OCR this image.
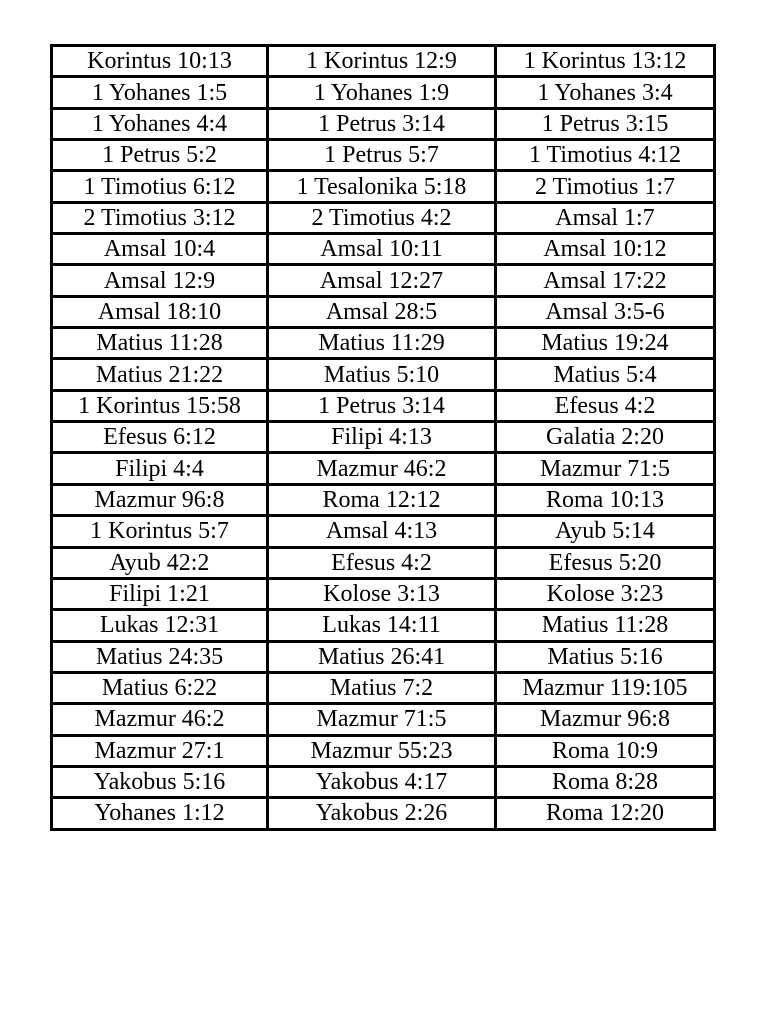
Korintus 10:13	1 Korintus 12:9	1 Korintus 13:12
1 Yohanes 1:5	1 Yohanes 1:9	1 Yohanes 3:4
1 Yohanes 4:4	1 Petrus 3:14	1 Petrus 3:15
1 Petrus 5:2	1 Petrus 5:7	1 Timotius 4:12
1 Timotius 6:12	1 Tesalonika 5:18	2 Timotius 1:7
2 Timotius 3:12	2 Timotius 4:2	Amsal 1:7
Amsal 10:4	Amsal 10:11	Amsal 10:12
Amsal 12:9	Amsal 12:27	Amsal 17:22
Amsal 18:10	Amsal 28:5	Amsal 3:5-6
Matius 11:28	Matius 11:29	Matius 19:24
Matius 21:22	Matius 5:10	Matius 5:4
1 Korintus 15:58	1 Petrus 3:14	Efesus 4:2
Efesus 6:12	Filipi 4:13	Galatia 2:20
Filipi 4:4	Mazmur 46:2	Mazmur 71:5
Mazmur 96:8	Roma 12:12	Roma 10:13
1 Korintus 5:7	Amsal 4:13	Ayub 5:14
Ayub 42:2	Efesus 4:2	Efesus 5:20
Filipi 1:21	Kolose 3:13	Kolose 3:23
Lukas 12:31	Lukas 14:11	Matius 11:28
Matius 24:35	Matius 26:41	Matius 5:16
Matius 6:22	Matius 7:2	Mazmur 119:105
Mazmur 46:2	Mazmur 71:5	Mazmur 96:8
Mazmur 27:1	Mazmur 55:23	Roma 10:9
Yakobus 5:16	Yakobus 4:17	Roma 8:28
Yohanes 1:12	Yakobus 2:26	Roma 12:20
